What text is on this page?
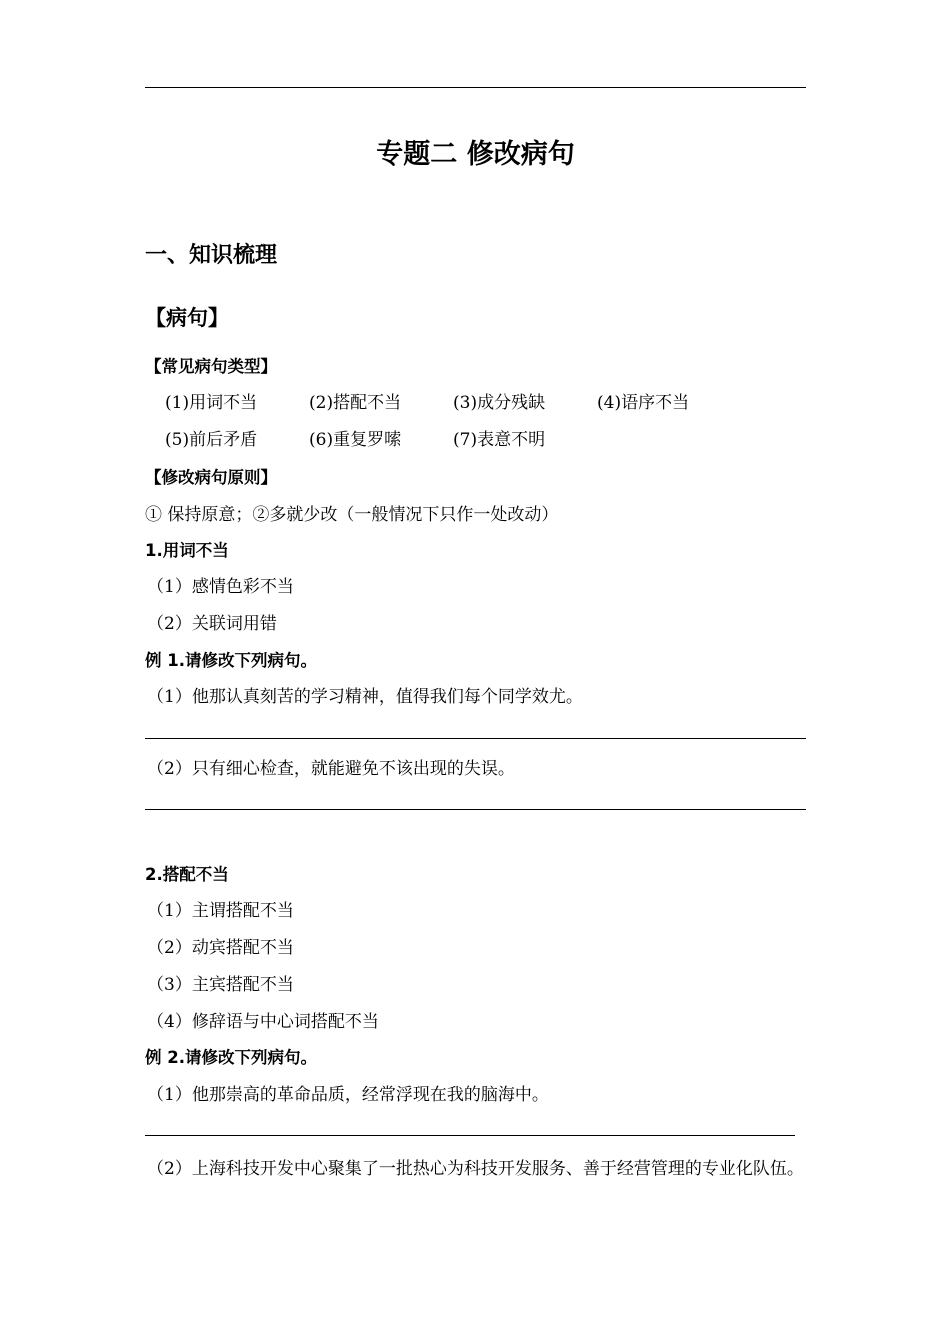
专题二 修改病句
一、知识梳理
【病句】
【常见病句类型】
(1)用词不当	(2)搭配不当	(3)成分残缺	(4)语序不当
(5)前后矛盾	(6)重复罗嗦	(7)表意不明
【修改病句原则】
① 保持原意；②多就少改（一般情况下只作一处改动）
1.用词不当
（1）感情色彩不当
（2）关联词用错
例 1.请修改下列病句。
（1）他那认真刻苦的学习精神，值得我们每个同学效尤。
（2）只有细心检查，就能避免不该出现的失误。
2.搭配不当
（1）主谓搭配不当
（2）动宾搭配不当
（3）主宾搭配不当
（4）修辞语与中心词搭配不当
例 2.请修改下列病句。
（1）他那崇高的革命品质，经常浮现在我的脑海中。
（2）上海科技开发中心聚集了一批热心为科技开发服务、善于经营管理的专业化队伍。
